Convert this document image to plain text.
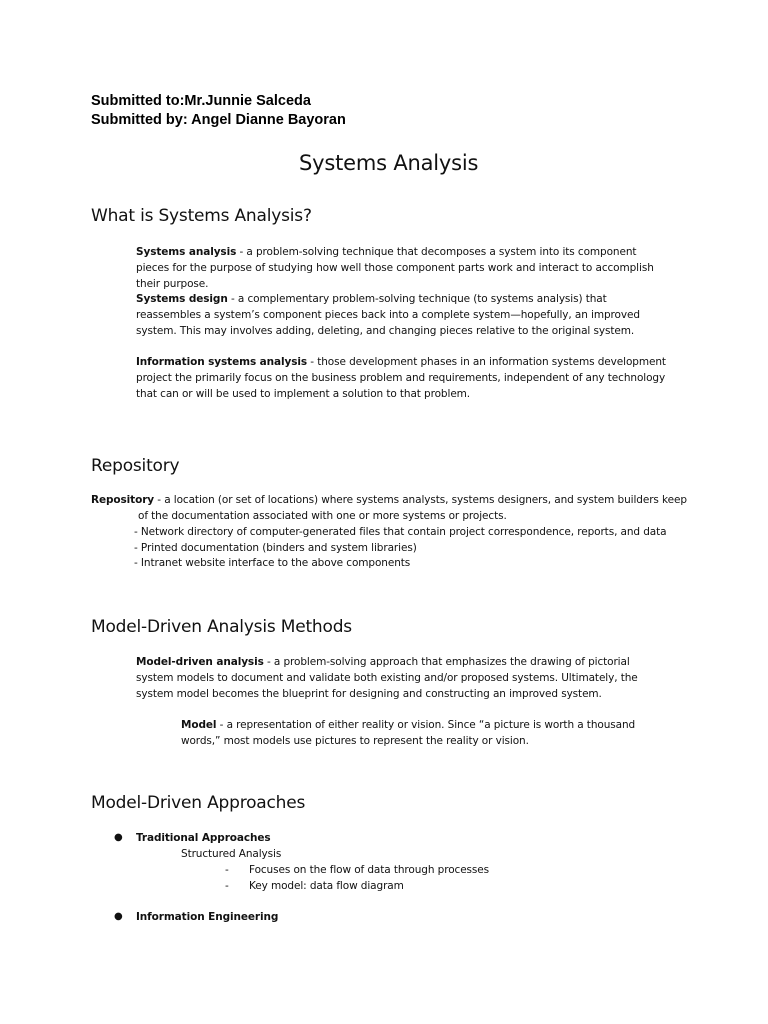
Submitted to:Mr.Junnie Salceda
Submitted by: Angel Dianne Bayoran
Systems Analysis
What is Systems Analysis?
Systems analysis - a problem-solving technique that decomposes a system into its component pieces for the purpose of studying how well those component parts work and interact to accomplish their purpose.
Systems design - a complementary problem-solving technique (to systems analysis) that reassembles a system’s component pieces back into a complete system—hopefully, an improved system. This may involves adding, deleting, and changing pieces relative to the original system.
Information systems analysis - those development phases in an information systems development project the primarily focus on the business problem and requirements, independent of any technology that can or will be used to implement a solution to that problem.
Repository
Repository - a location (or set of locations) where systems analysts, systems designers, and system builders keep
of the documentation associated with one or more systems or projects.
- Network directory of computer-generated files that contain project correspondence, reports, and data
- Printed documentation (binders and system libraries)
- Intranet website interface to the above components
Model-Driven Analysis Methods
Model-driven analysis - a problem-solving approach that emphasizes the drawing of pictorial system models to document and validate both existing and/or proposed systems. Ultimately, the system model becomes the blueprint for designing and constructing an improved system.
Model - a representation of either reality or vision. Since “a picture is worth a thousand words,” most models use pictures to represent the reality or vision.
Model-Driven Approaches
● Traditional Approaches
Structured Analysis
- Focuses on the flow of data through processes
- Key model: data flow diagram
● Information Engineering
